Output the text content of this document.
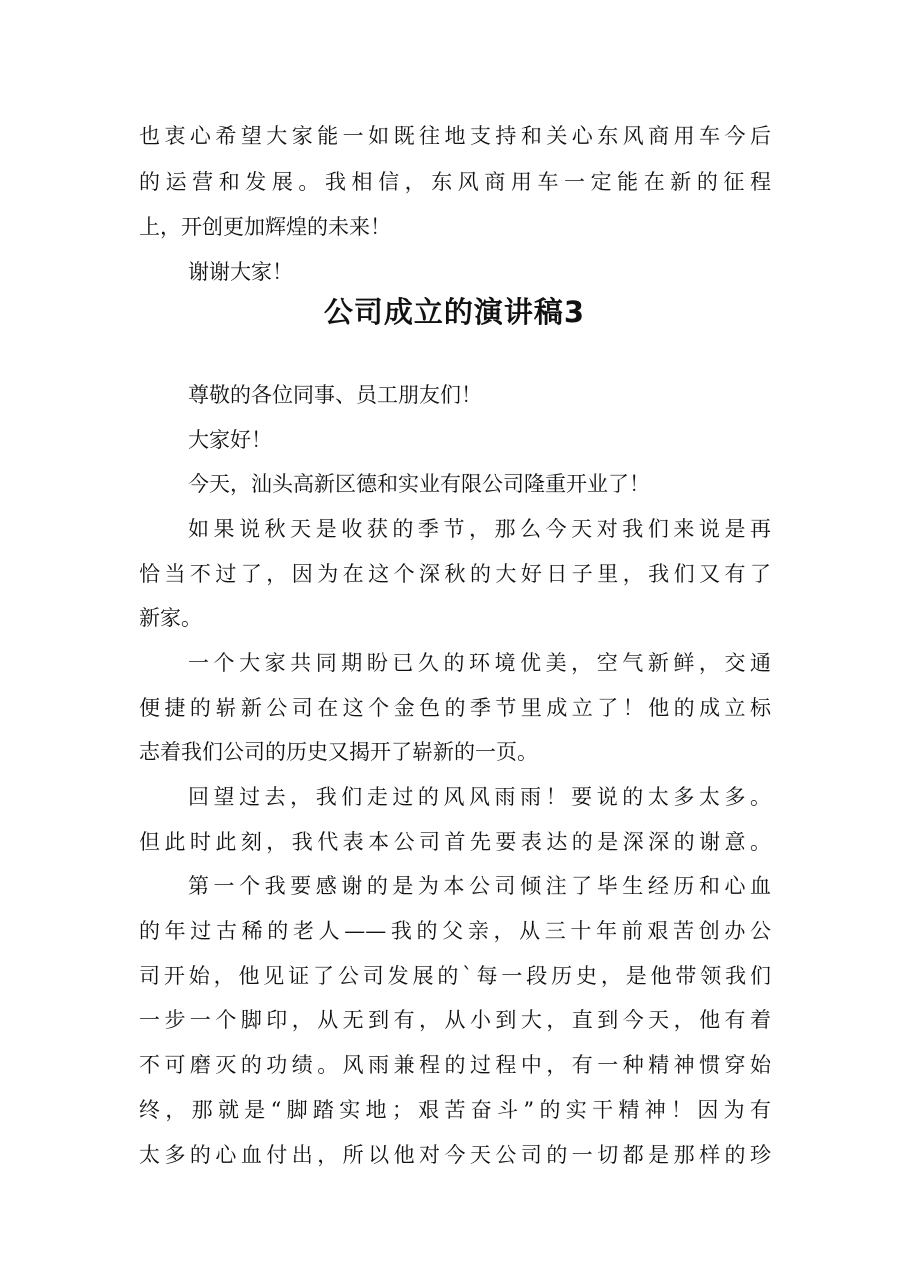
也衷心希望大家能一如既往地支持和关心东风商用车今后
的运营和发展。我相信，东风商用车一定能在新的征程
上，开创更加辉煌的未来！
谢谢大家！
公司成立的演讲稿3
尊敬的各位同事、员工朋友们！
大家好！
今天，汕头高新区德和实业有限公司隆重开业了！
如果说秋天是收获的季节，那么今天对我们来说是再
恰当不过了，因为在这个深秋的大好日子里，我们又有了
新家。
一个大家共同期盼已久的环境优美，空气新鲜，交通
便捷的崭新公司在这个金色的季节里成立了！他的成立标
志着我们公司的历史又揭开了崭新的一页。
回望过去，我们走过的风风雨雨！要说的太多太多。
但此时此刻，我代表本公司首先要表达的是深深的谢意。
第一个我要感谢的是为本公司倾注了毕生经历和心血
的年过古稀的老人——我的父亲，从三十年前艰苦创办公
司开始，他见证了公司发展的`每一段历史，是他带领我们
一步一个脚印，从无到有，从小到大，直到今天，他有着
不可磨灭的功绩。风雨兼程的过程中，有一种精神惯穿始
终，那就是“脚踏实地；艰苦奋斗”的实干精神！因为有
太多的心血付出，所以他对今天公司的一切都是那样的珍
